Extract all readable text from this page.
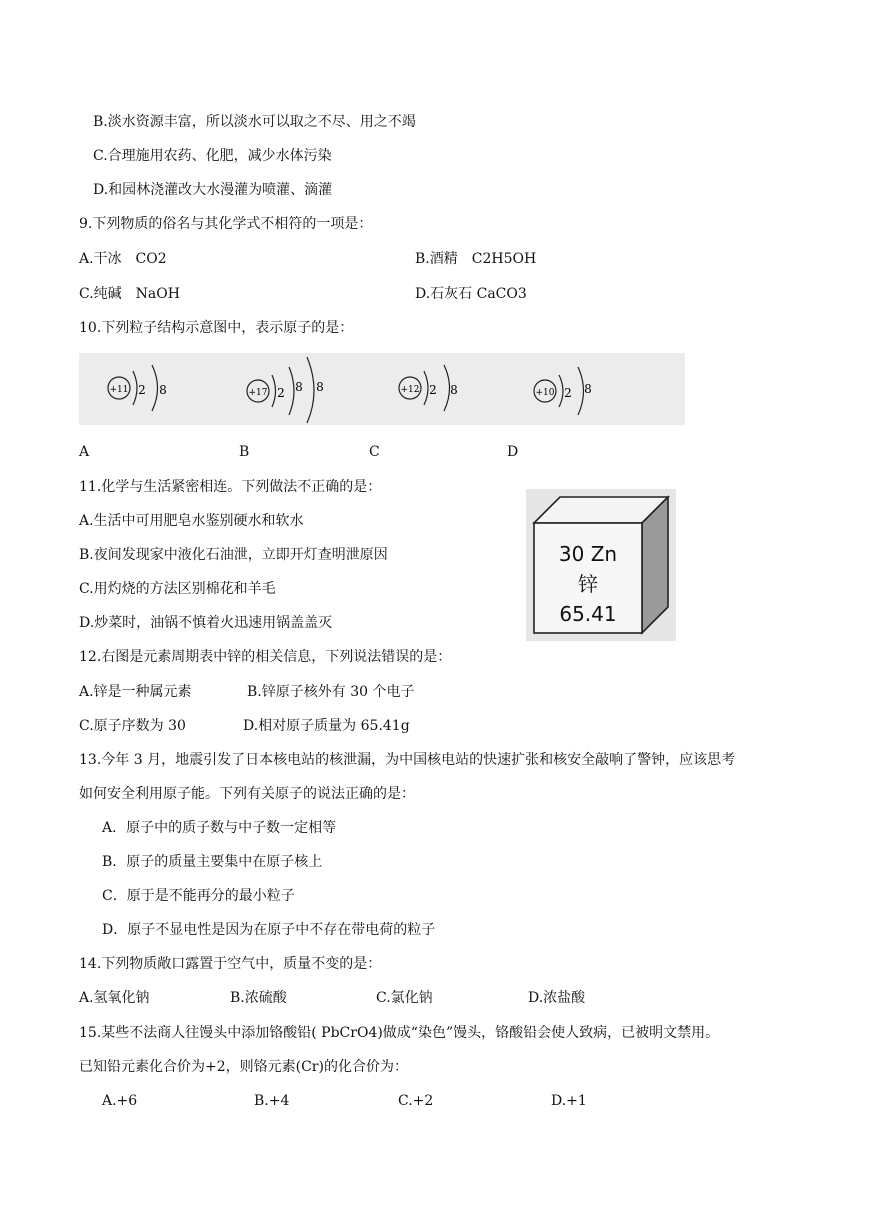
B.淡水资源丰富，所以淡水可以取之不尽、用之不竭
C.合理施用农药、化肥，减少水体污染
D.和园林浇灌改大水漫灌为喷灌、滴灌
9.下列物质的俗名与其化学式不相符的一项是：
A.干冰　CO2	B.酒精　C2H5OH
C.纯碱　NaOH	D.石灰石 CaCO3
10.下列粒子结构示意图中，表示原子的是：
+11 2 8	+17 2 8 8	+12 2 8	+10 2 8
A	B	C	D
11.化学与生活紧密相连。下列做法不正确的是：
A.生活中可用肥皂水鉴别硬水和软水
B.夜间发现家中液化石油泄，立即开灯查明泄原因
C.用灼烧的方法区别棉花和羊毛
D.炒菜时，油锅不慎着火迅速用锅盖盖灭
30 Zn
锌
65.41
12.右图是元素周期表中锌的相关信息，下列说法错误的是：
A.锌是一种属元素	B.锌原子核外有 30 个电子
C.原子序数为 30	D.相对原子质量为 65.41g
13.今年 3 月，地震引发了日本核电站的核泄漏，为中国核电站的快速扩张和核安全敲响了警钟，应该思考
如何安全利用原子能。下列有关原子的说法正确的是：
A．原子中的质子数与中子数一定相等
B．原子的质量主要集中在原子核上
C．原于是不能再分的最小粒子
D．原子不显电性是因为在原子中不存在带电荷的粒子
14.下列物质敞口露置于空气中，质量不变的是：
A.氢氧化钠	B.浓硫酸	C.氯化钠	D.浓盐酸
15.某些不法商人往馒头中添加铬酸铅( PbCrO4)做成“染色”馒头，铬酸铅会使人致病，已被明文禁用。
已知铅元素化合价为+2，则铬元素(Cr)的化合价为：
A.+6	B.+4	C.+2	D.+1
